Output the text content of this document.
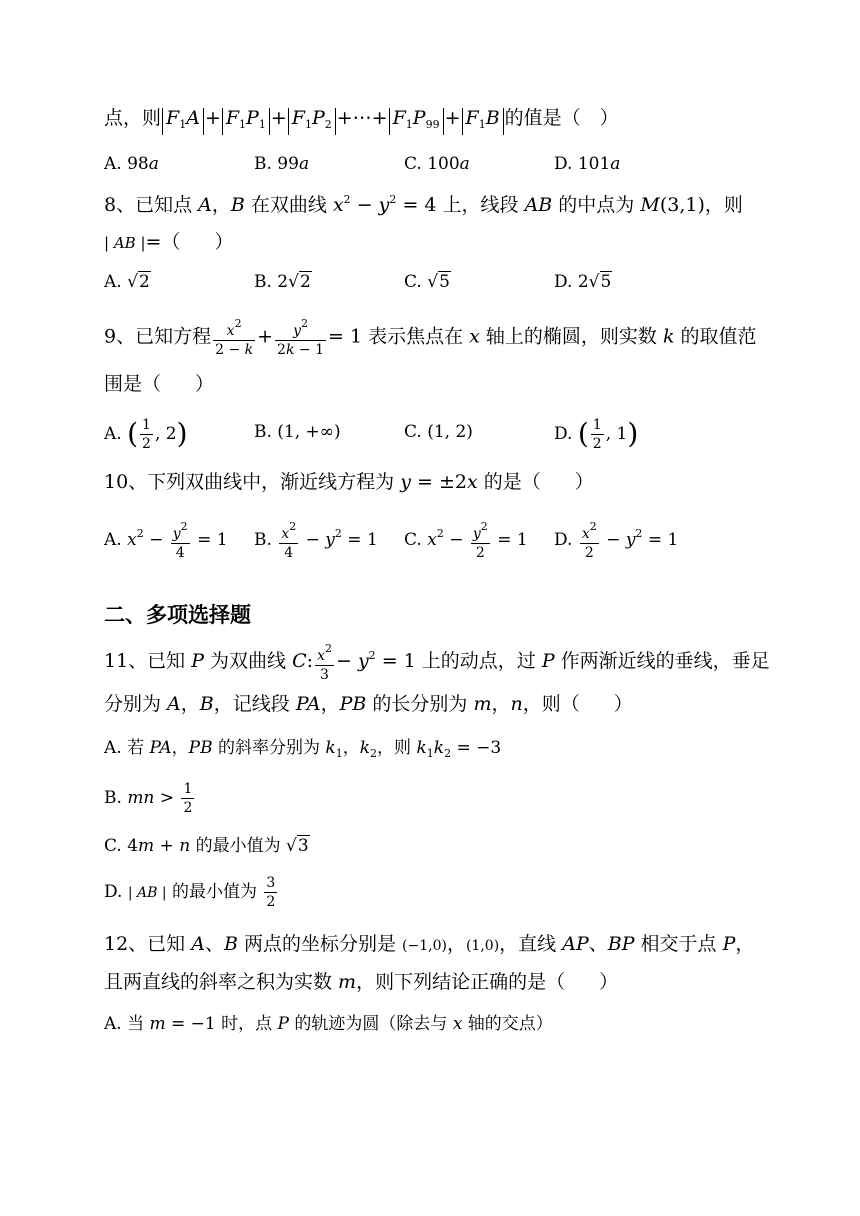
点，则 $F_1A + F_1P_1 + F_1P_2$ +⋯+ $F_1P_{99} + F_1B$ 的值是（　）
A. 98a	B. 99a	C. 100a	D. 101a
8、已知点 A，B 在双曲线 $x^2 - y^2 = 4$ 上，线段 AB 的中点为 M(3,1)，则
| AB |=（ ）
A. √2	B. 2√2	C. √5	D. 2√5
9、已知方程 $\frac{x^2}{2 - k} + \frac{y^2}{2k - 1} = 1$ 表示焦点在 x 轴上的椭圆，则实数 k 的取值范
围是（ ）
A. ( $\frac{1}{2}$ , 2)	B. (1, +∞)	C. (1, 2)	D. ( $\frac{1}{2}$ , 1)
10、下列双曲线中，渐近线方程为 y = ±2x 的是（ ）
A. $x^2 - \frac{y^2}{4} = 1$ B. $\frac{x^2}{4} - y^2 = 1$ C. $x^2 - \frac{y^2}{2} = 1$ D. $\frac{x^2}{2} - y^2 = 1$
二、多项选择题
11、已知 P 为双曲线 C: $\frac{x^2}{3} - y^2 = 1$ 上的动点，过 P 作两渐近线的垂线，垂足
分别为 A，B，记线段 PA，PB 的长分别为 m，n，则（ ）
A. 若 PA，PB 的斜率分别为 $k_1$，$k_2$，则 $k_1k_2 = -3$
B. mn > $\frac{1}{2}$
C. 4m + n 的最小值为 √3
D. | AB | 的最小值为 $\frac{3}{2}$
12、已知 A、B 两点的坐标分别是 (−1,0)，(1,0)，直线 AP、BP 相交于点 P，
且两直线的斜率之积为实数 m，则下列结论正确的是（ ）
A. 当 m = −1 时，点 P 的轨迹为圆（除去与 x 轴的交点）
